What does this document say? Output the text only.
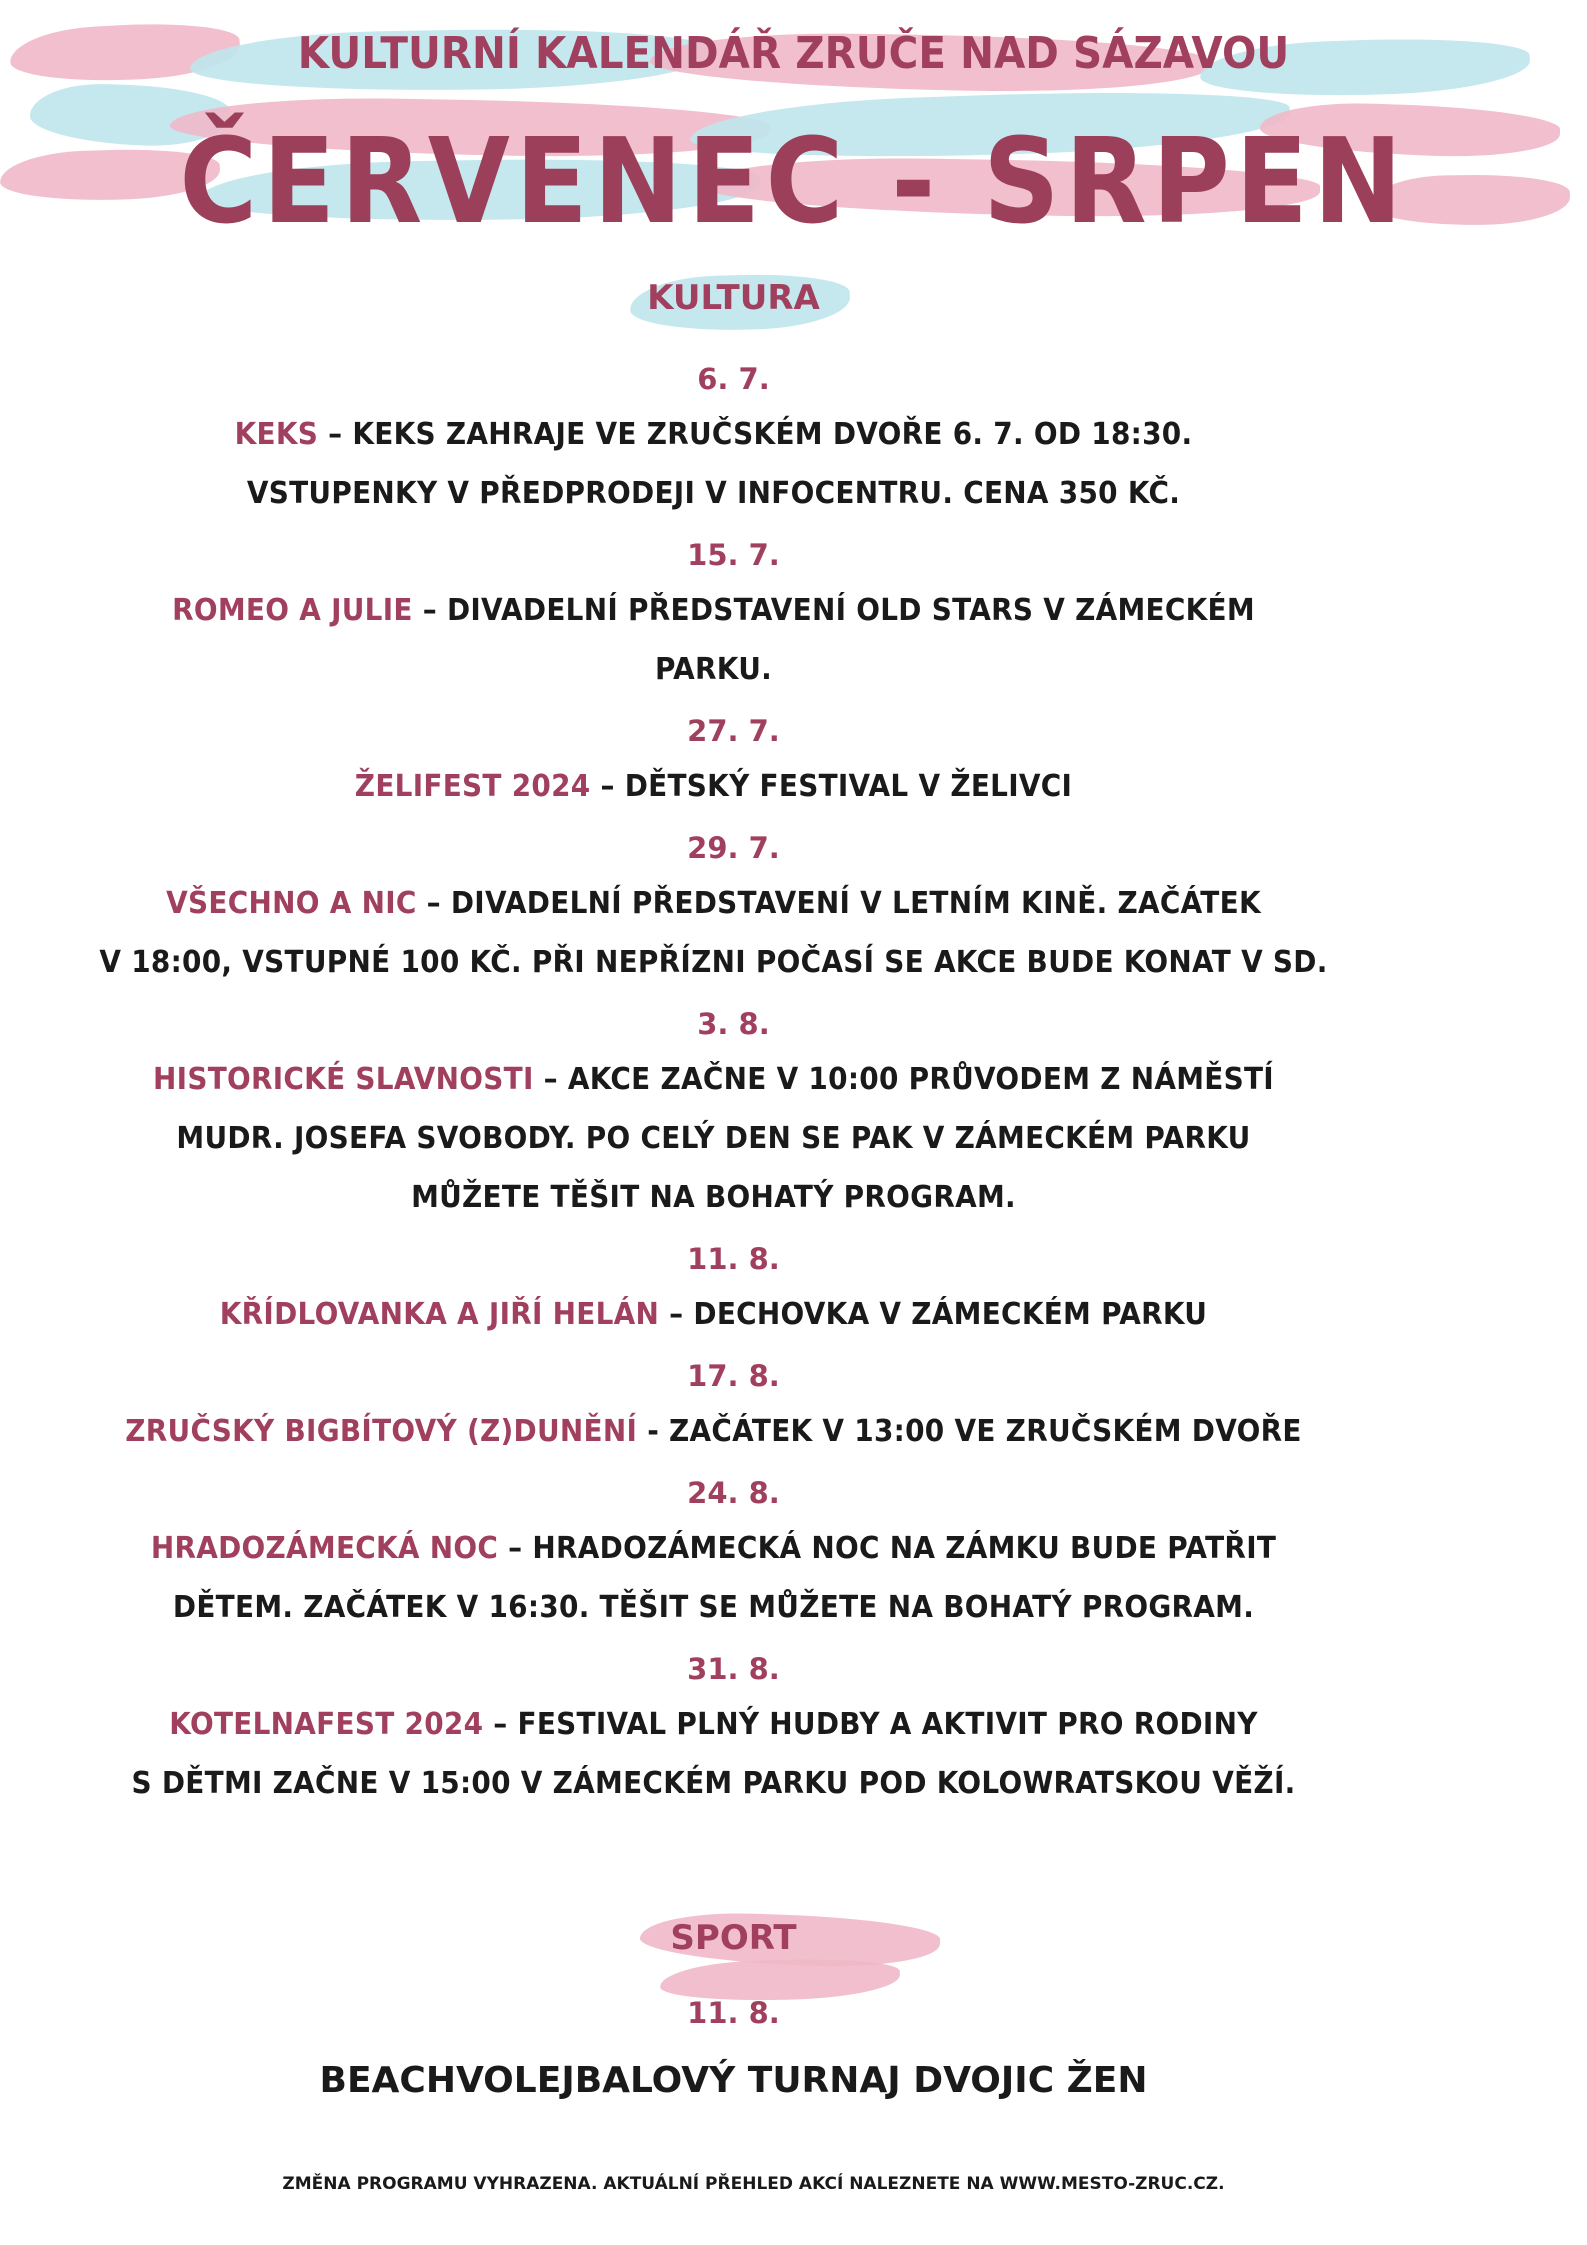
KULTURNÍ KALENDÁŘ ZRUČE NAD SÁZAVOU
ČERVENEC - SRPEN
KULTURA
6. 7.
KEKS – KEKS ZAHRAJE VE ZRUČSKÉM DVOŘE 6. 7. OD 18:30.
VSTUPENKY V PŘEDPRODEJI V INFOCENTRU. CENA 350 KČ.
15. 7.
ROMEO A JULIE – DIVADELNÍ PŘEDSTAVENÍ OLD STARS V ZÁMECKÉM
PARKU.
27. 7.
ŽELIFEST 2024 – DĚTSKÝ FESTIVAL V ŽELIVCI
29. 7.
VŠECHNO A NIC – DIVADELNÍ PŘEDSTAVENÍ V LETNÍM KINĚ. ZAČÁTEK
V 18:00, VSTUPNÉ 100 KČ. PŘI NEPŘÍZNI POČASÍ SE AKCE BUDE KONAT V SD.
3. 8.
HISTORICKÉ SLAVNOSTI – AKCE ZAČNE V 10:00 PRŮVODEM Z NÁMĚSTÍ
MUDR. JOSEFA SVOBODY. PO CELÝ DEN SE PAK V ZÁMECKÉM PARKU
MŮŽETE TĚŠIT NA BOHATÝ PROGRAM.
11. 8.
KŘÍDLOVANKA A JIŘÍ HELÁN – DECHOVKA V ZÁMECKÉM PARKU
17. 8.
ZRUČSKÝ BIGBÍTOVÝ (Z)DUNĚNÍ - ZAČÁTEK V 13:00 VE ZRUČSKÉM DVOŘE
24. 8.
HRADOZÁMECKÁ NOC – HRADOZÁMECKÁ NOC NA ZÁMKU BUDE PATŘIT
DĚTEM. ZAČÁTEK V 16:30. TĚŠIT SE MŮŽETE NA BOHATÝ PROGRAM.
31. 8.
KOTELNAFEST 2024 – FESTIVAL PLNÝ HUDBY A AKTIVIT PRO RODINY
S DĚTMI ZAČNE V 15:00 V ZÁMECKÉM PARKU POD KOLOWRATSKOU VĚŽÍ.
SPORT
11. 8.
BEACHVOLEJBALOVÝ TURNAJ DVOJIC ŽEN
ZMĚNA PROGRAMU VYHRAZENA. AKTUÁLNÍ PŘEHLED AKCÍ NALEZNETE NA WWW.MESTO-ZRUC.CZ.
